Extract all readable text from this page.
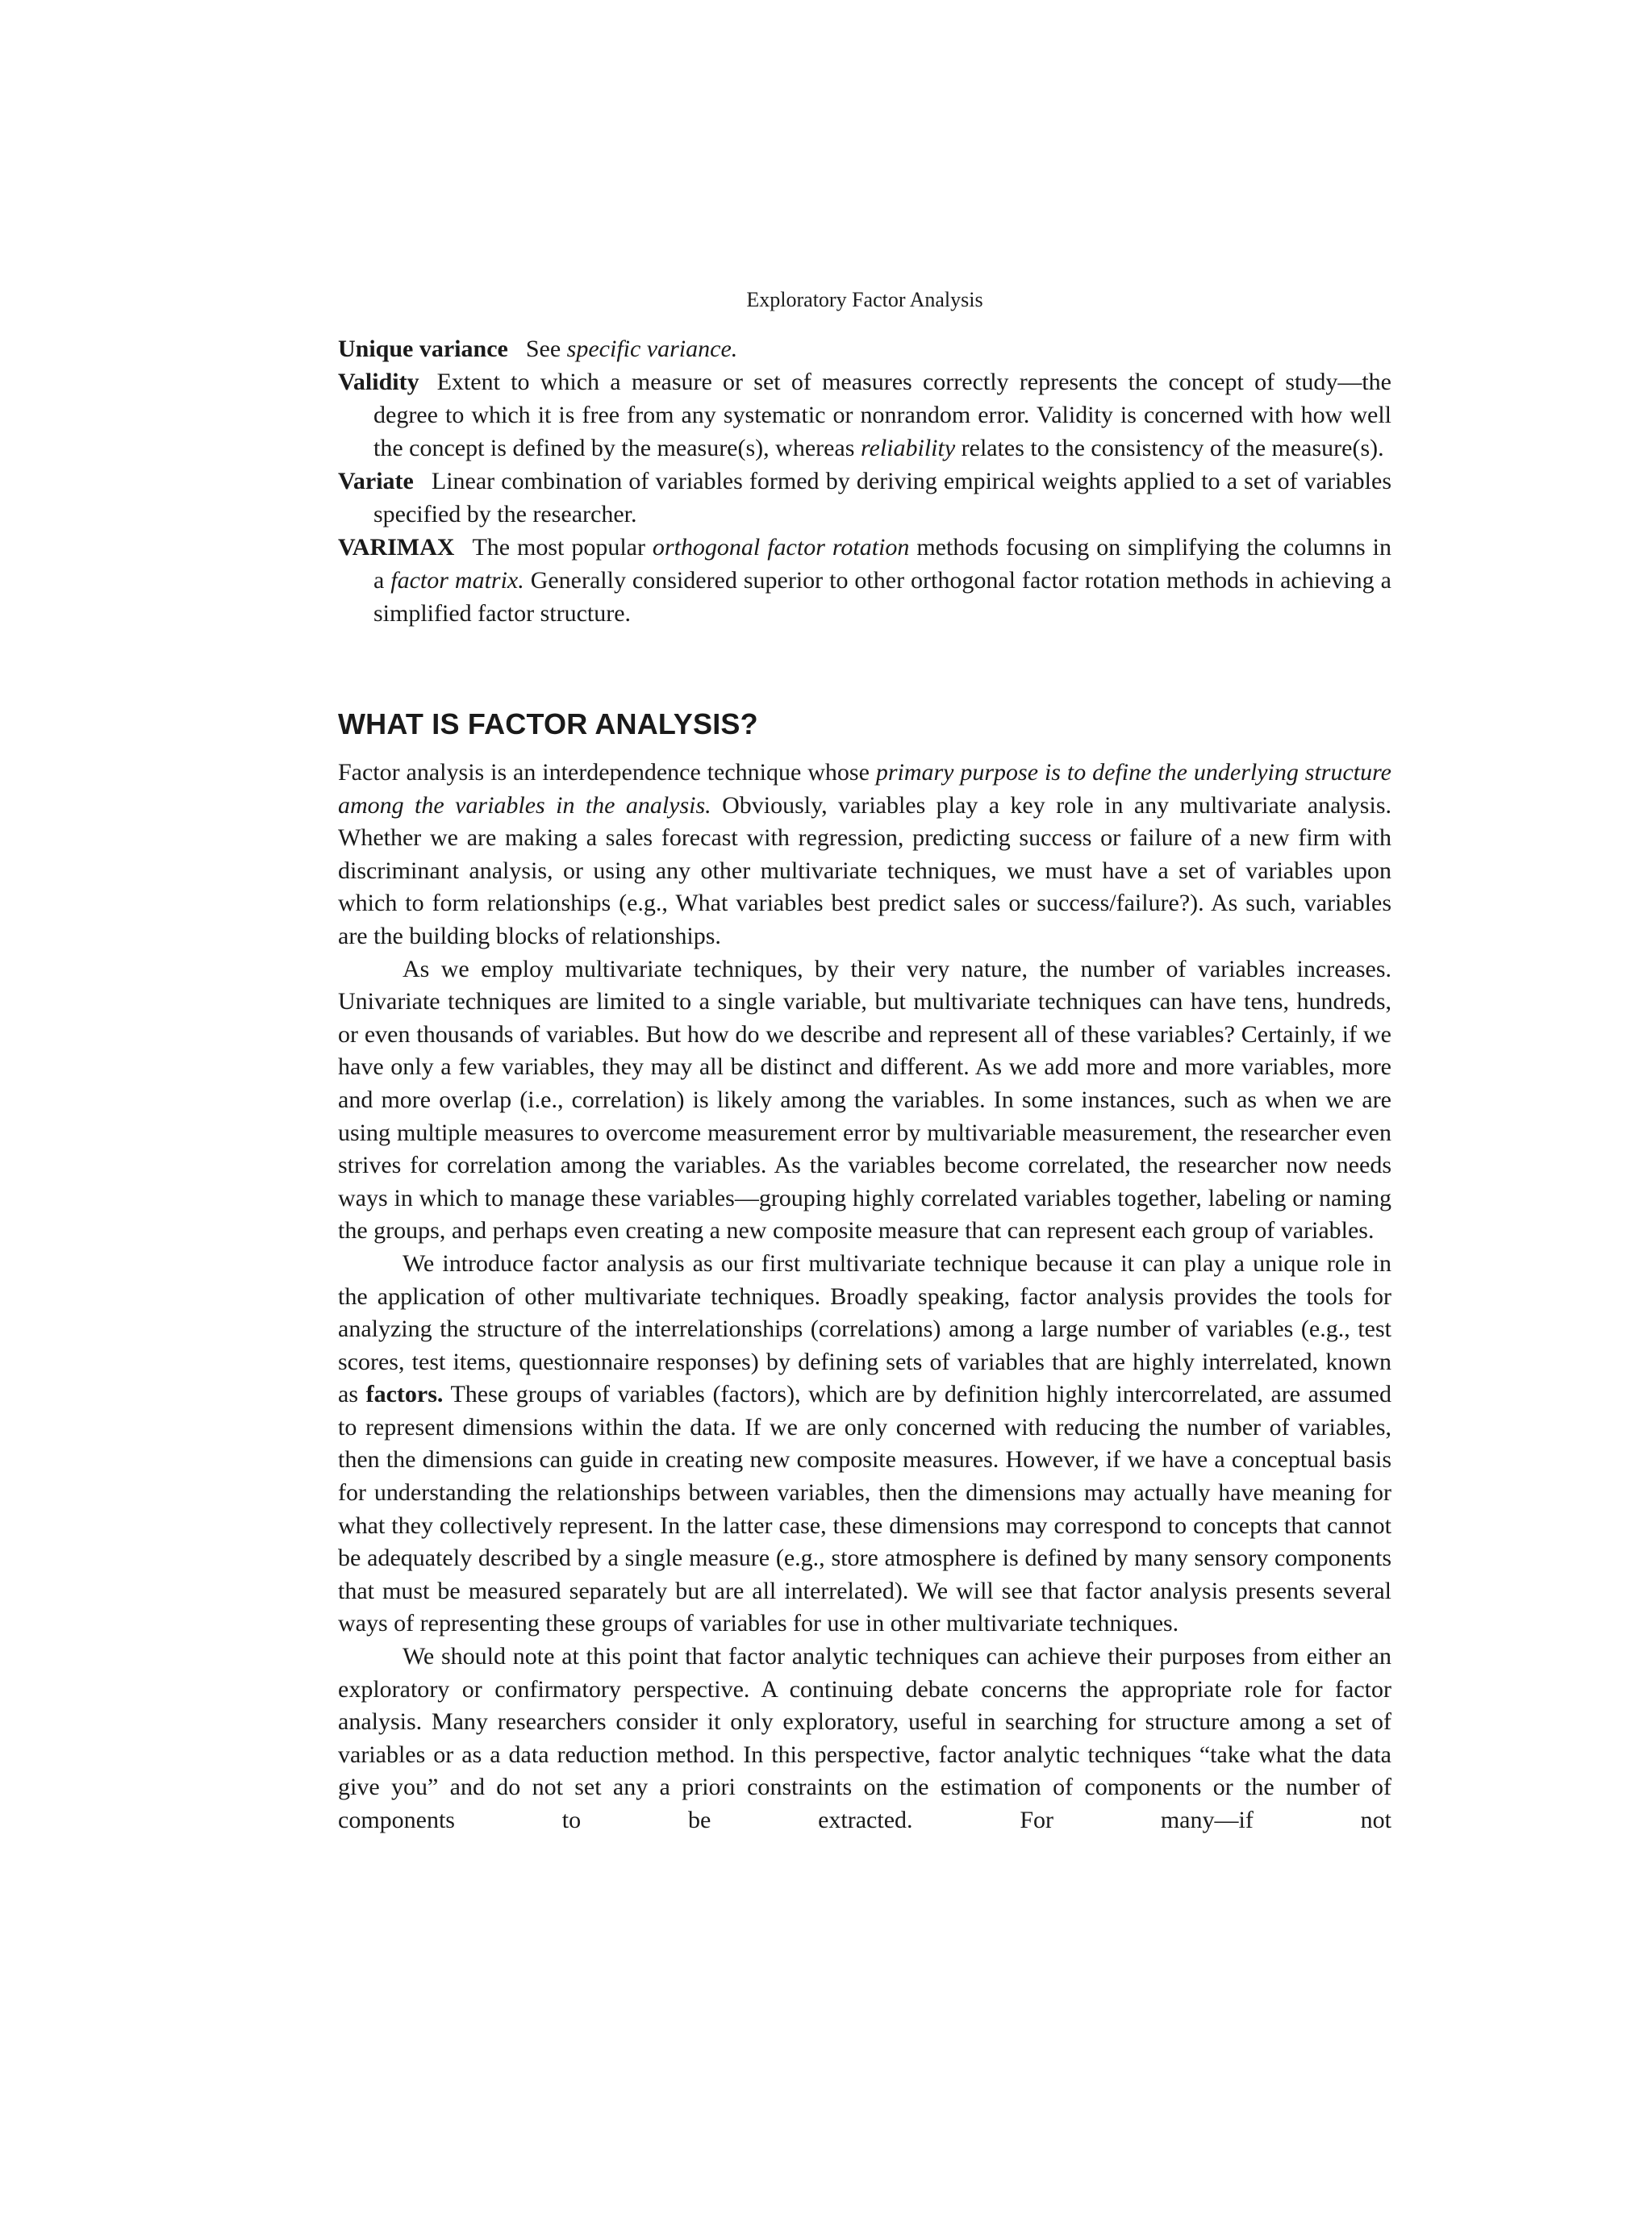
Exploratory Factor Analysis

Unique variance See specific variance.

Validity Extent to which a measure or set of measures correctly represents the concept of study—the degree to which it is free from any systematic or nonrandom error. Validity is concerned with how well the concept is defined by the measure(s), whereas reliability relates to the consistency of the measure(s).

Variate Linear combination of variables formed by deriving empirical weights applied to a set of variables specified by the researcher.

VARIMAX The most popular orthogonal factor rotation methods focusing on simplifying the columns in a factor matrix. Generally considered superior to other orthogonal factor rotation methods in achieving a simplified factor structure.

WHAT IS FACTOR ANALYSIS?

Factor analysis is an interdependence technique whose primary purpose is to define the underlying structure among the variables in the analysis. Obviously, variables play a key role in any multivariate analysis. Whether we are making a sales forecast with regression, predicting success or failure of a new firm with discriminant analysis, or using any other multivariate techniques, we must have a set of variables upon which to form relationships (e.g., What variables best predict sales or success/failure?). As such, variables are the building blocks of relationships.

As we employ multivariate techniques, by their very nature, the number of variables increases. Univariate techniques are limited to a single variable, but multivariate techniques can have tens, hundreds, or even thousands of variables. But how do we describe and represent all of these variables? Certainly, if we have only a few variables, they may all be distinct and different. As we add more and more variables, more and more overlap (i.e., correlation) is likely among the variables. In some instances, such as when we are using multiple measures to overcome measurement error by multivariable measurement, the researcher even strives for correlation among the variables. As the variables become correlated, the researcher now needs ways in which to manage these variables—grouping highly correlated variables together, labeling or naming the groups, and perhaps even creating a new composite measure that can represent each group of variables.

We introduce factor analysis as our first multivariate technique because it can play a unique role in the application of other multivariate techniques. Broadly speaking, factor analysis provides the tools for analyzing the structure of the interrelationships (correlations) among a large number of variables (e.g., test scores, test items, questionnaire responses) by defining sets of variables that are highly interrelated, known as factors. These groups of variables (factors), which are by definition highly intercorrelated, are assumed to represent dimensions within the data. If we are only concerned with reducing the number of variables, then the dimensions can guide in creating new composite measures. However, if we have a conceptual basis for understanding the relationships between variables, then the dimensions may actually have meaning for what they collectively represent. In the latter case, these dimensions may correspond to concepts that cannot be adequately described by a single measure (e.g., store atmosphere is defined by many sensory components that must be measured separately but are all interrelated). We will see that factor analysis presents several ways of representing these groups of variables for use in other multivariate techniques.

We should note at this point that factor analytic techniques can achieve their purposes from either an exploratory or confirmatory perspective. A continuing debate concerns the appropriate role for factor analysis. Many researchers consider it only exploratory, useful in searching for structure among a set of variables or as a data reduction method. In this perspective, factor analytic techniques “take what the data give you” and do not set any a priori constraints on the estimation of components or the number of components to be extracted. For many—if not
